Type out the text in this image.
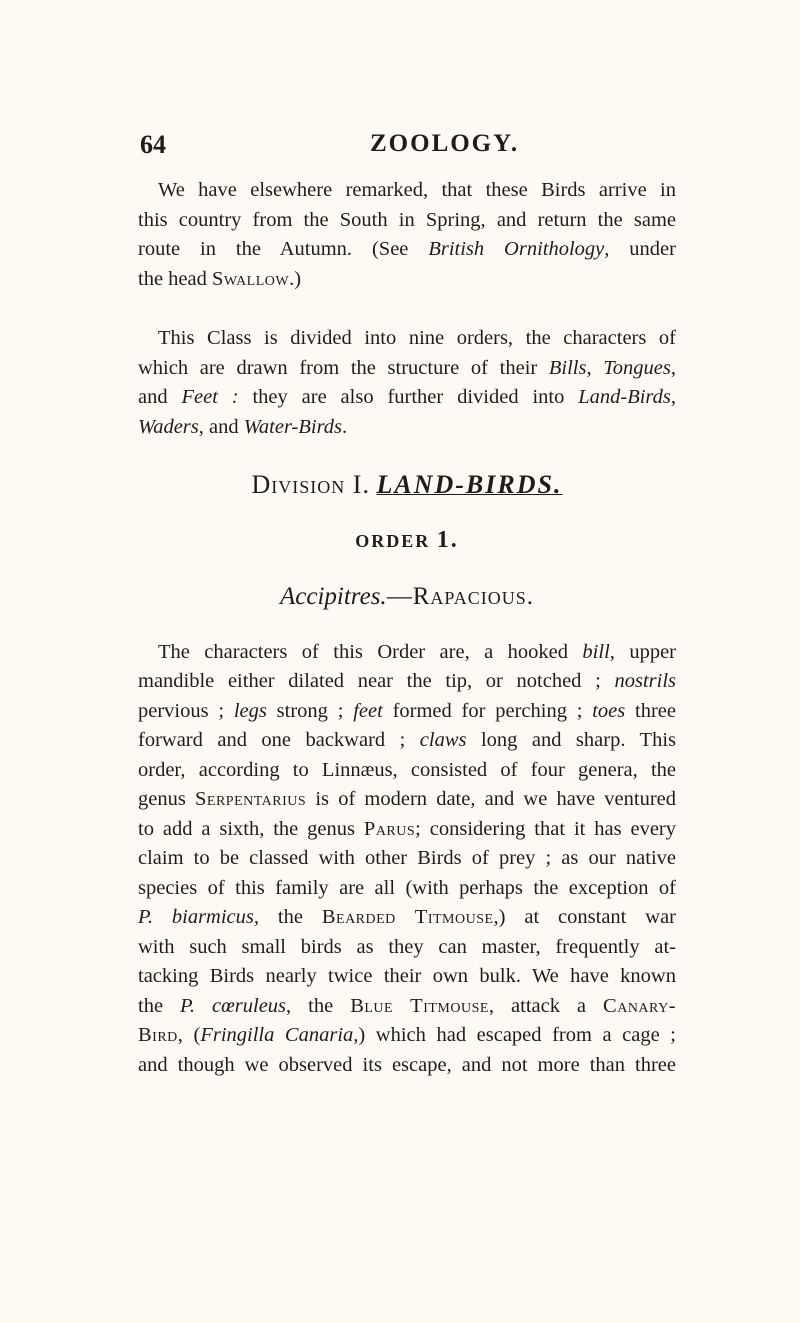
64	ZOOLOGY.

We have elsewhere remarked, that these Birds arrive in
this country from the South in Spring, and return the same
route in the Autumn. (See British Ornithology, under
the head Swallow.)

This Class is divided into nine orders, the characters of
which are drawn from the structure of their Bills, Tongues,
and Feet : they are also further divided into Land-Birds,
Waders, and Water-Birds.

Division I. LAND-BIRDS.
ORDER 1.
Accipitres.—Rapacious.

The characters of this Order are, a hooked bill, upper
mandible either dilated near the tip, or notched ; nostrils
pervious ; legs strong ; feet formed for perching ; toes three
forward and one backward ; claws long and sharp. This
order, according to Linnæus, consisted of four genera, the
genus Serpentarius is of modern date, and we have ventured
to add a sixth, the genus Parus; considering that it has every
claim to be classed with other Birds of prey ; as our native
species of this family are all (with perhaps the exception of
P. biarmicus, the Bearded Titmouse,) at constant war
with such small birds as they can master, frequently at-
tacking Birds nearly twice their own bulk. We have known
the P. cœruleus, the Blue Titmouse, attack a Canary-
Bird, (Fringilla Canaria,) which had escaped from a cage ;
and though we observed its escape, and not more than three
